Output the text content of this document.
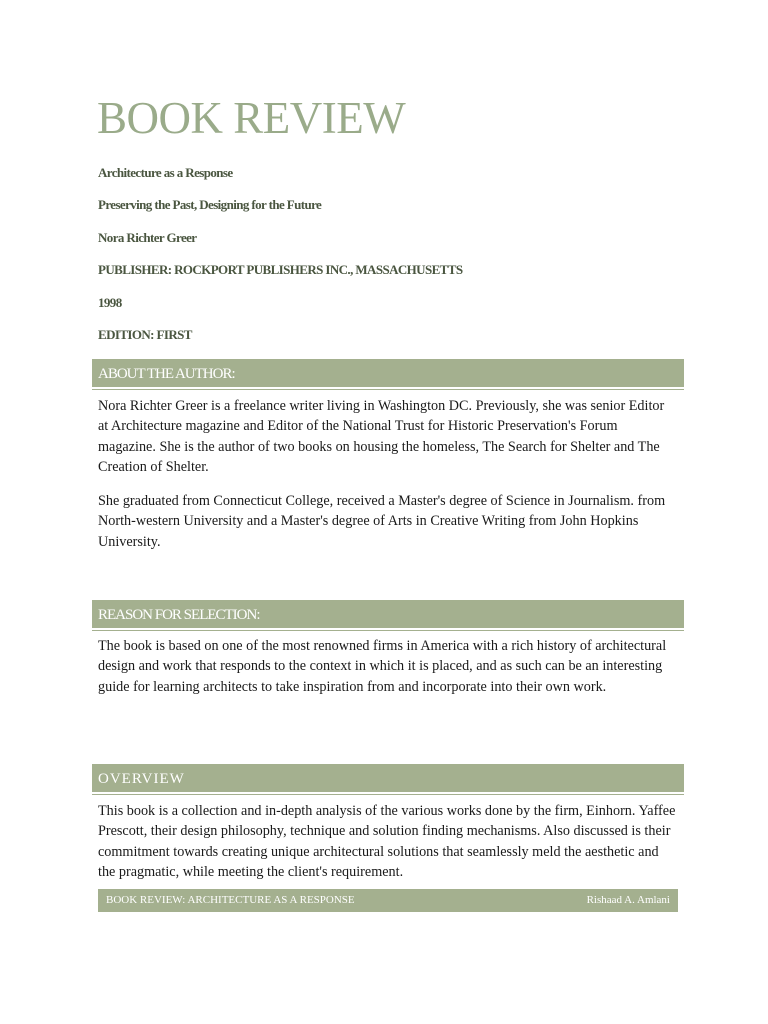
BOOK REVIEW
Architecture as a Response
Preserving the Past, Designing for the Future
Nora Richter Greer
PUBLISHER: ROCKPORT PUBLISHERS INC., MASSACHUSETTS
1998
EDITION: FIRST
ABOUT THE AUTHOR:

Nora Richter Greer is a freelance writer living in Washington DC. Previously, she was senior Editor at Architecture magazine and Editor of the National Trust for Historic Preservation's Forum magazine. She is the author of two books on housing the homeless, The Search for Shelter and The Creation of Shelter.

She graduated from Connecticut College, received a Master's degree of Science in Journalism. from North-western University and a Master's degree of Arts in Creative Writing from John Hopkins University.

REASON FOR SELECTION:

The book is based on one of the most renowned firms in America with a rich history of architectural design and work that responds to the context in which it is placed, and as such can be an interesting guide for learning architects to take inspiration from and incorporate into their own work.

OVERVIEW

This book is a collection and in-depth analysis of the various works done by the firm, Einhorn. Yaffee Prescott, their design philosophy, technique and solution finding mechanisms. Also discussed is their commitment towards creating unique architectural solutions that seamlessly meld the aesthetic and the pragmatic, while meeting the client's requirement.

BOOK REVIEW: ARCHITECTURE AS A RESPONSE	Rishaad A. Amlani
